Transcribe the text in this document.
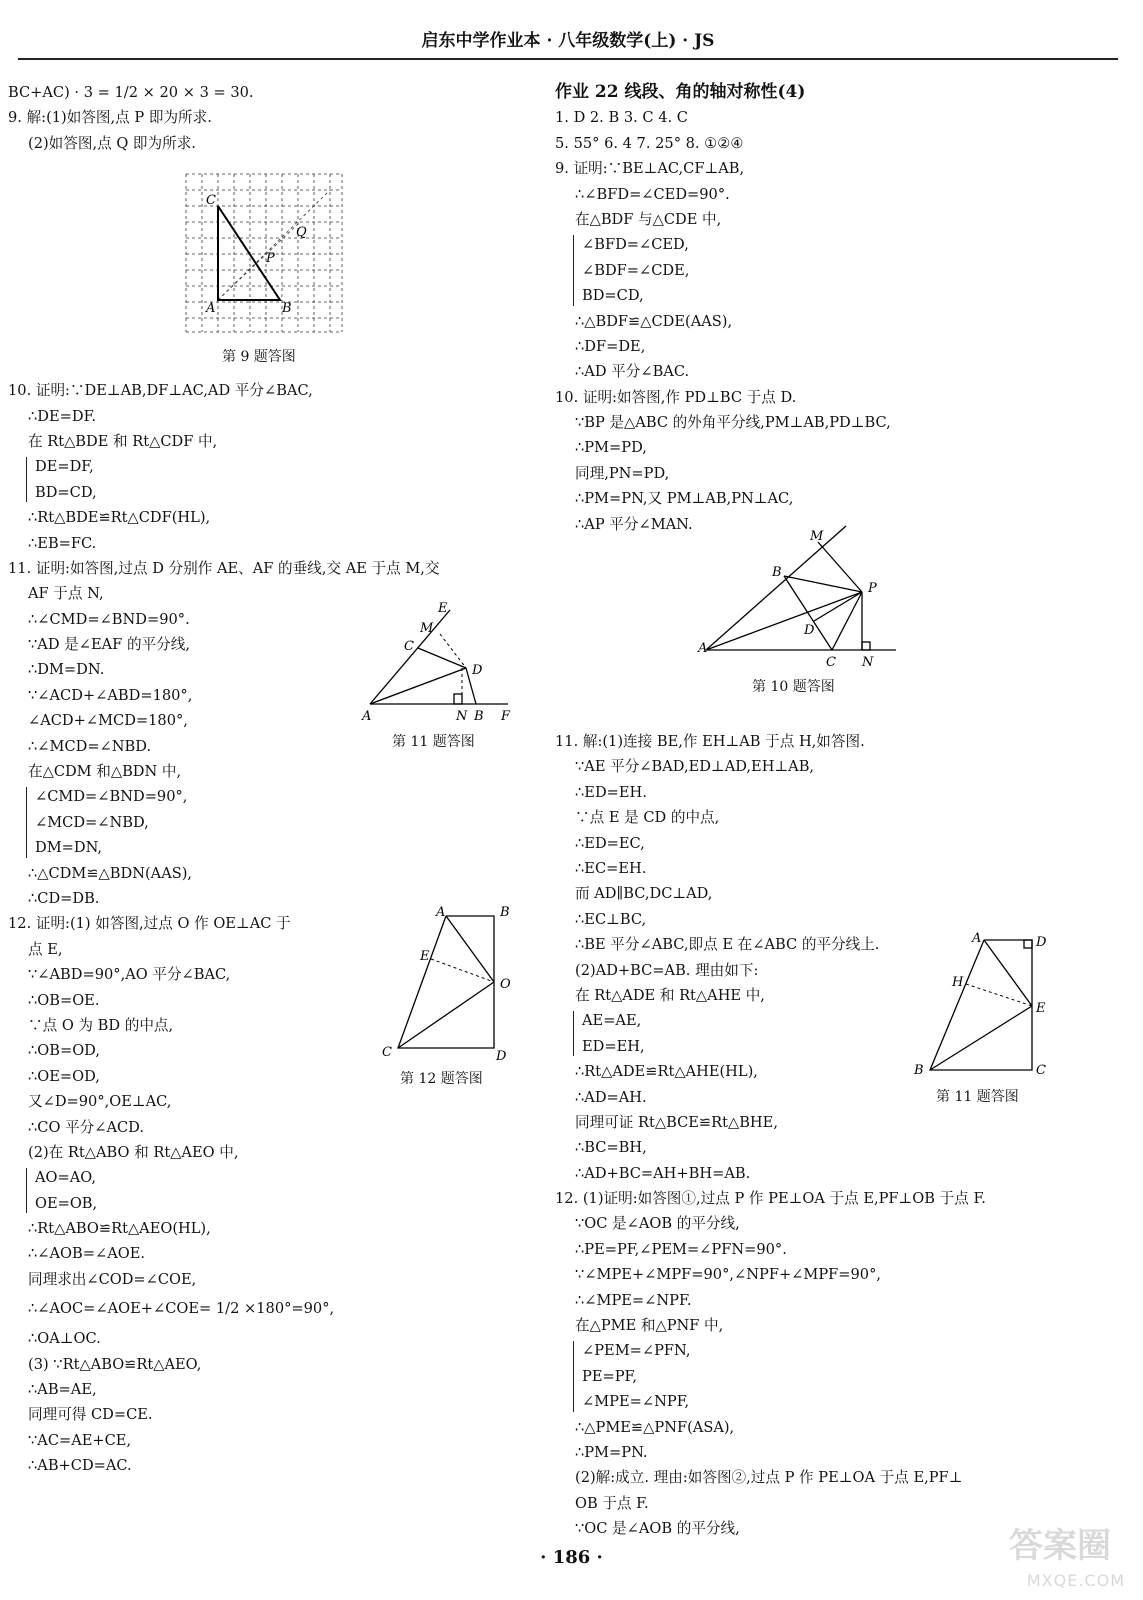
启东中学作业本 · 八年级数学(上) · JS
BC+AC) · 3 = 1/2 × 20 × 3 = 30.
9. 解:(1)如答图,点 P 即为所求.
(2)如答图,点 Q 即为所求.
10. 证明:∵DE⊥AB,DF⊥AC,AD 平分∠BAC,
∴DE=DF.
在 Rt△BDE 和 Rt△CDF 中,
DE=DF,
BD=CD,
∴Rt△BDE≌Rt△CDF(HL),
∴EB=FC.
11. 证明:如答图,过点 D 分别作 AE、AF 的垂线,交 AE 于点 M,交
AF 于点 N,
∴∠CMD=∠BND=90°.
∵AD 是∠EAF 的平分线,
∴DM=DN.
∵∠ACD+∠ABD=180°,
∠ACD+∠MCD=180°,
∴∠MCD=∠NBD.
在△CDM 和△BDN 中,
∠CMD=∠BND=90°,
∠MCD=∠NBD,
DM=DN,
∴△CDM≌△BDN(AAS),
∴CD=DB.
12. 证明:(1) 如答图,过点 O 作 OE⊥AC 于
点 E,
∵∠ABD=90°,AO 平分∠BAC,
∴OB=OE.
∵点 O 为 BD 的中点,
∴OB=OD,
∴OE=OD,
又∠D=90°,OE⊥AC,
∴CO 平分∠ACD.
(2)在 Rt△ABO 和 Rt△AEO 中,
AO=AO,
OE=OB,
∴Rt△ABO≌Rt△AEO(HL),
∴∠AOB=∠AOE.
同理求出∠COD=∠COE,
∴∠AOC=∠AOE+∠COE= 1/2 ×180°=90°,
∴OA⊥OC.
(3) ∵Rt△ABO≌Rt△AEO,
∴AB=AE,
同理可得 CD=CE.
∵AC=AE+CE,
∴AB+CD=AC.
C
Q
P
A	B
第 9 题答图
E
M
C
D
A	N B F
第 11 题答图
A	B
E
O
C	D
第 12 题答图
作业 22 线段、角的轴对称性(4)
1. D 2. B 3. C 4. C
5. 55° 6. 4 7. 25° 8. ①②④
9. 证明:∵BE⊥AC,CF⊥AB,
∴∠BFD=∠CED=90°.
在△BDF 与△CDE 中,
∠BFD=∠CED,
∠BDF=∠CDE,
BD=CD,
∴△BDF≌△CDE(AAS),
∴DF=DE,
∴AD 平分∠BAC.
10. 证明:如答图,作 PD⊥BC 于点 D.
∵BP 是△ABC 的外角平分线,PM⊥AB,PD⊥BC,
∴PM=PD,
同理,PN=PD,
∴PM=PN,又 PM⊥AB,PN⊥AC,
∴AP 平分∠MAN.
11. 解:(1)连接 BE,作 EH⊥AB 于点 H,如答图.
∵AE 平分∠BAD,ED⊥AD,EH⊥AB,
∴ED=EH.
∵点 E 是 CD 的中点,
∴ED=EC,
∴EC=EH.
而 AD∥BC,DC⊥AD,
∴EC⊥BC,
∴BE 平分∠ABC,即点 E 在∠ABC 的平分线上.
(2)AD+BC=AB. 理由如下:
在 Rt△ADE 和 Rt△AHE 中,
AE=AE,
ED=EH,
∴Rt△ADE≌Rt△AHE(HL),
∴AD=AH.
同理可证 Rt△BCE≌Rt△BHE,
∴BC=BH,
∴AD+BC=AH+BH=AB.
12. (1)证明:如答图①,过点 P 作 PE⊥OA 于点 E,PF⊥OB 于点 F.
∵OC 是∠AOB 的平分线,
∴PE=PF,∠PEM=∠PFN=90°.
∵∠MPE+∠MPF=90°,∠NPF+∠MPF=90°,
∴∠MPE=∠NPF.
在△PME 和△PNF 中,
∠PEM=∠PFN,
PE=PF,
∠MPE=∠NPF,
∴△PME≌△PNF(ASA),
∴PM=PN.
(2)解:成立. 理由:如答图②,过点 P 作 PE⊥OA 于点 E,PF⊥
OB 于点 F.
∵OC 是∠AOB 的平分线,
M
B
P
D
A
C N
第 10 题答图
A	D
H
E
B	C
第 11 题答图
· 186 ·	答案圈
MXQE.COM
